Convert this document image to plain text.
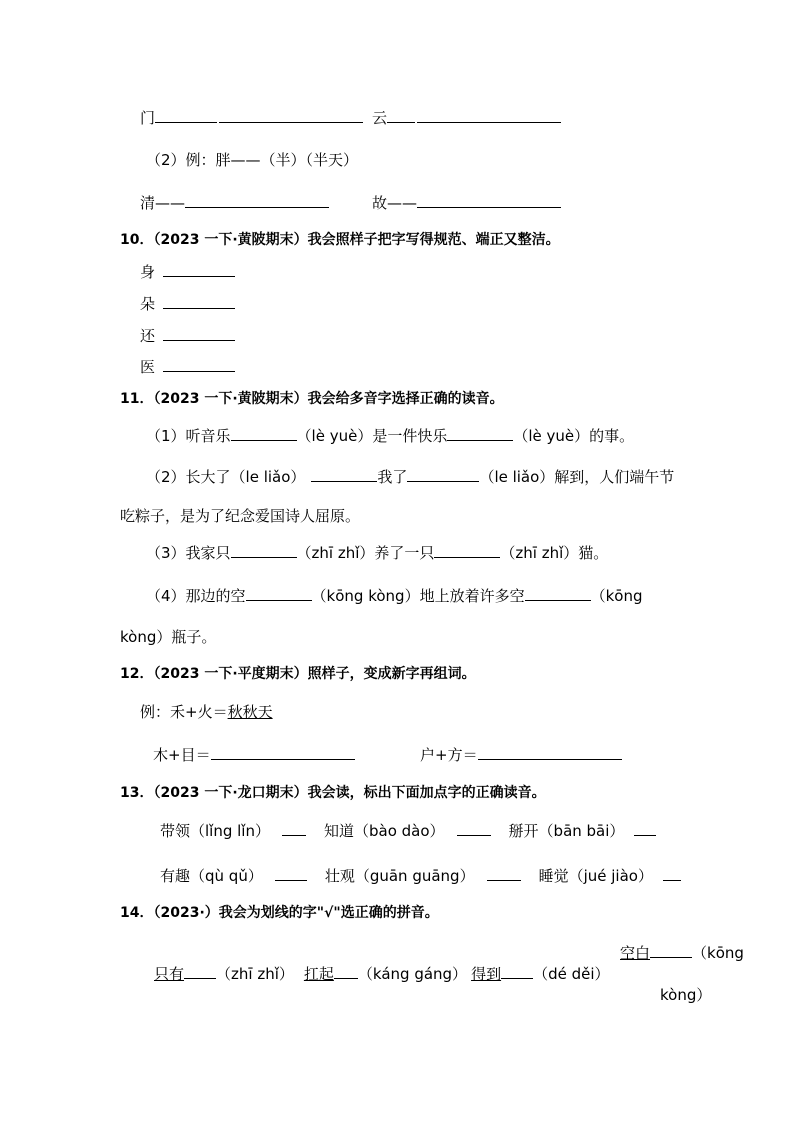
门	云
（2）例：胖——（半）（半天）
清——	故——
10．（2023 一下·黄陂期末）我会照样子把字写得规范、端正又整洁。
身
朵
还
医
11．（2023 一下·黄陂期末）我会给多音字选择正确的读音。
（1）听音乐	（lè yuè）是一件快乐	（lè yuè）的事。
（2）长大了（le liǎo）	我了	（le liǎo）解到，人们端午节
吃粽子，是为了纪念爱国诗人屈原。
（3）我家只	（zhī zhǐ）养了一只	（zhī zhǐ）猫。
（4）那边的空	（kōng kòng）地上放着许多空	（kōng
kòng）瓶子。
12．（2023 一下·平度期末）照样子，变成新字再组词。
例：禾+火＝秋秋天
木+目＝	户+方＝
13．（2023 一下·龙口期末）我会读，标出下面加点字的正确读音。
带领（lǐng lǐn）	知道（bào dào）	掰开（bān bāi）
有趣（qù qǔ）	壮观（guān guāng）	睡觉（jué jiào）
14．（2023·）我会为划线的字"√"选正确的拼音。
只有 （zhī zhǐ） 扛起 （káng gáng） 得到 （dé děi）
空白	（kōng
kòng）
